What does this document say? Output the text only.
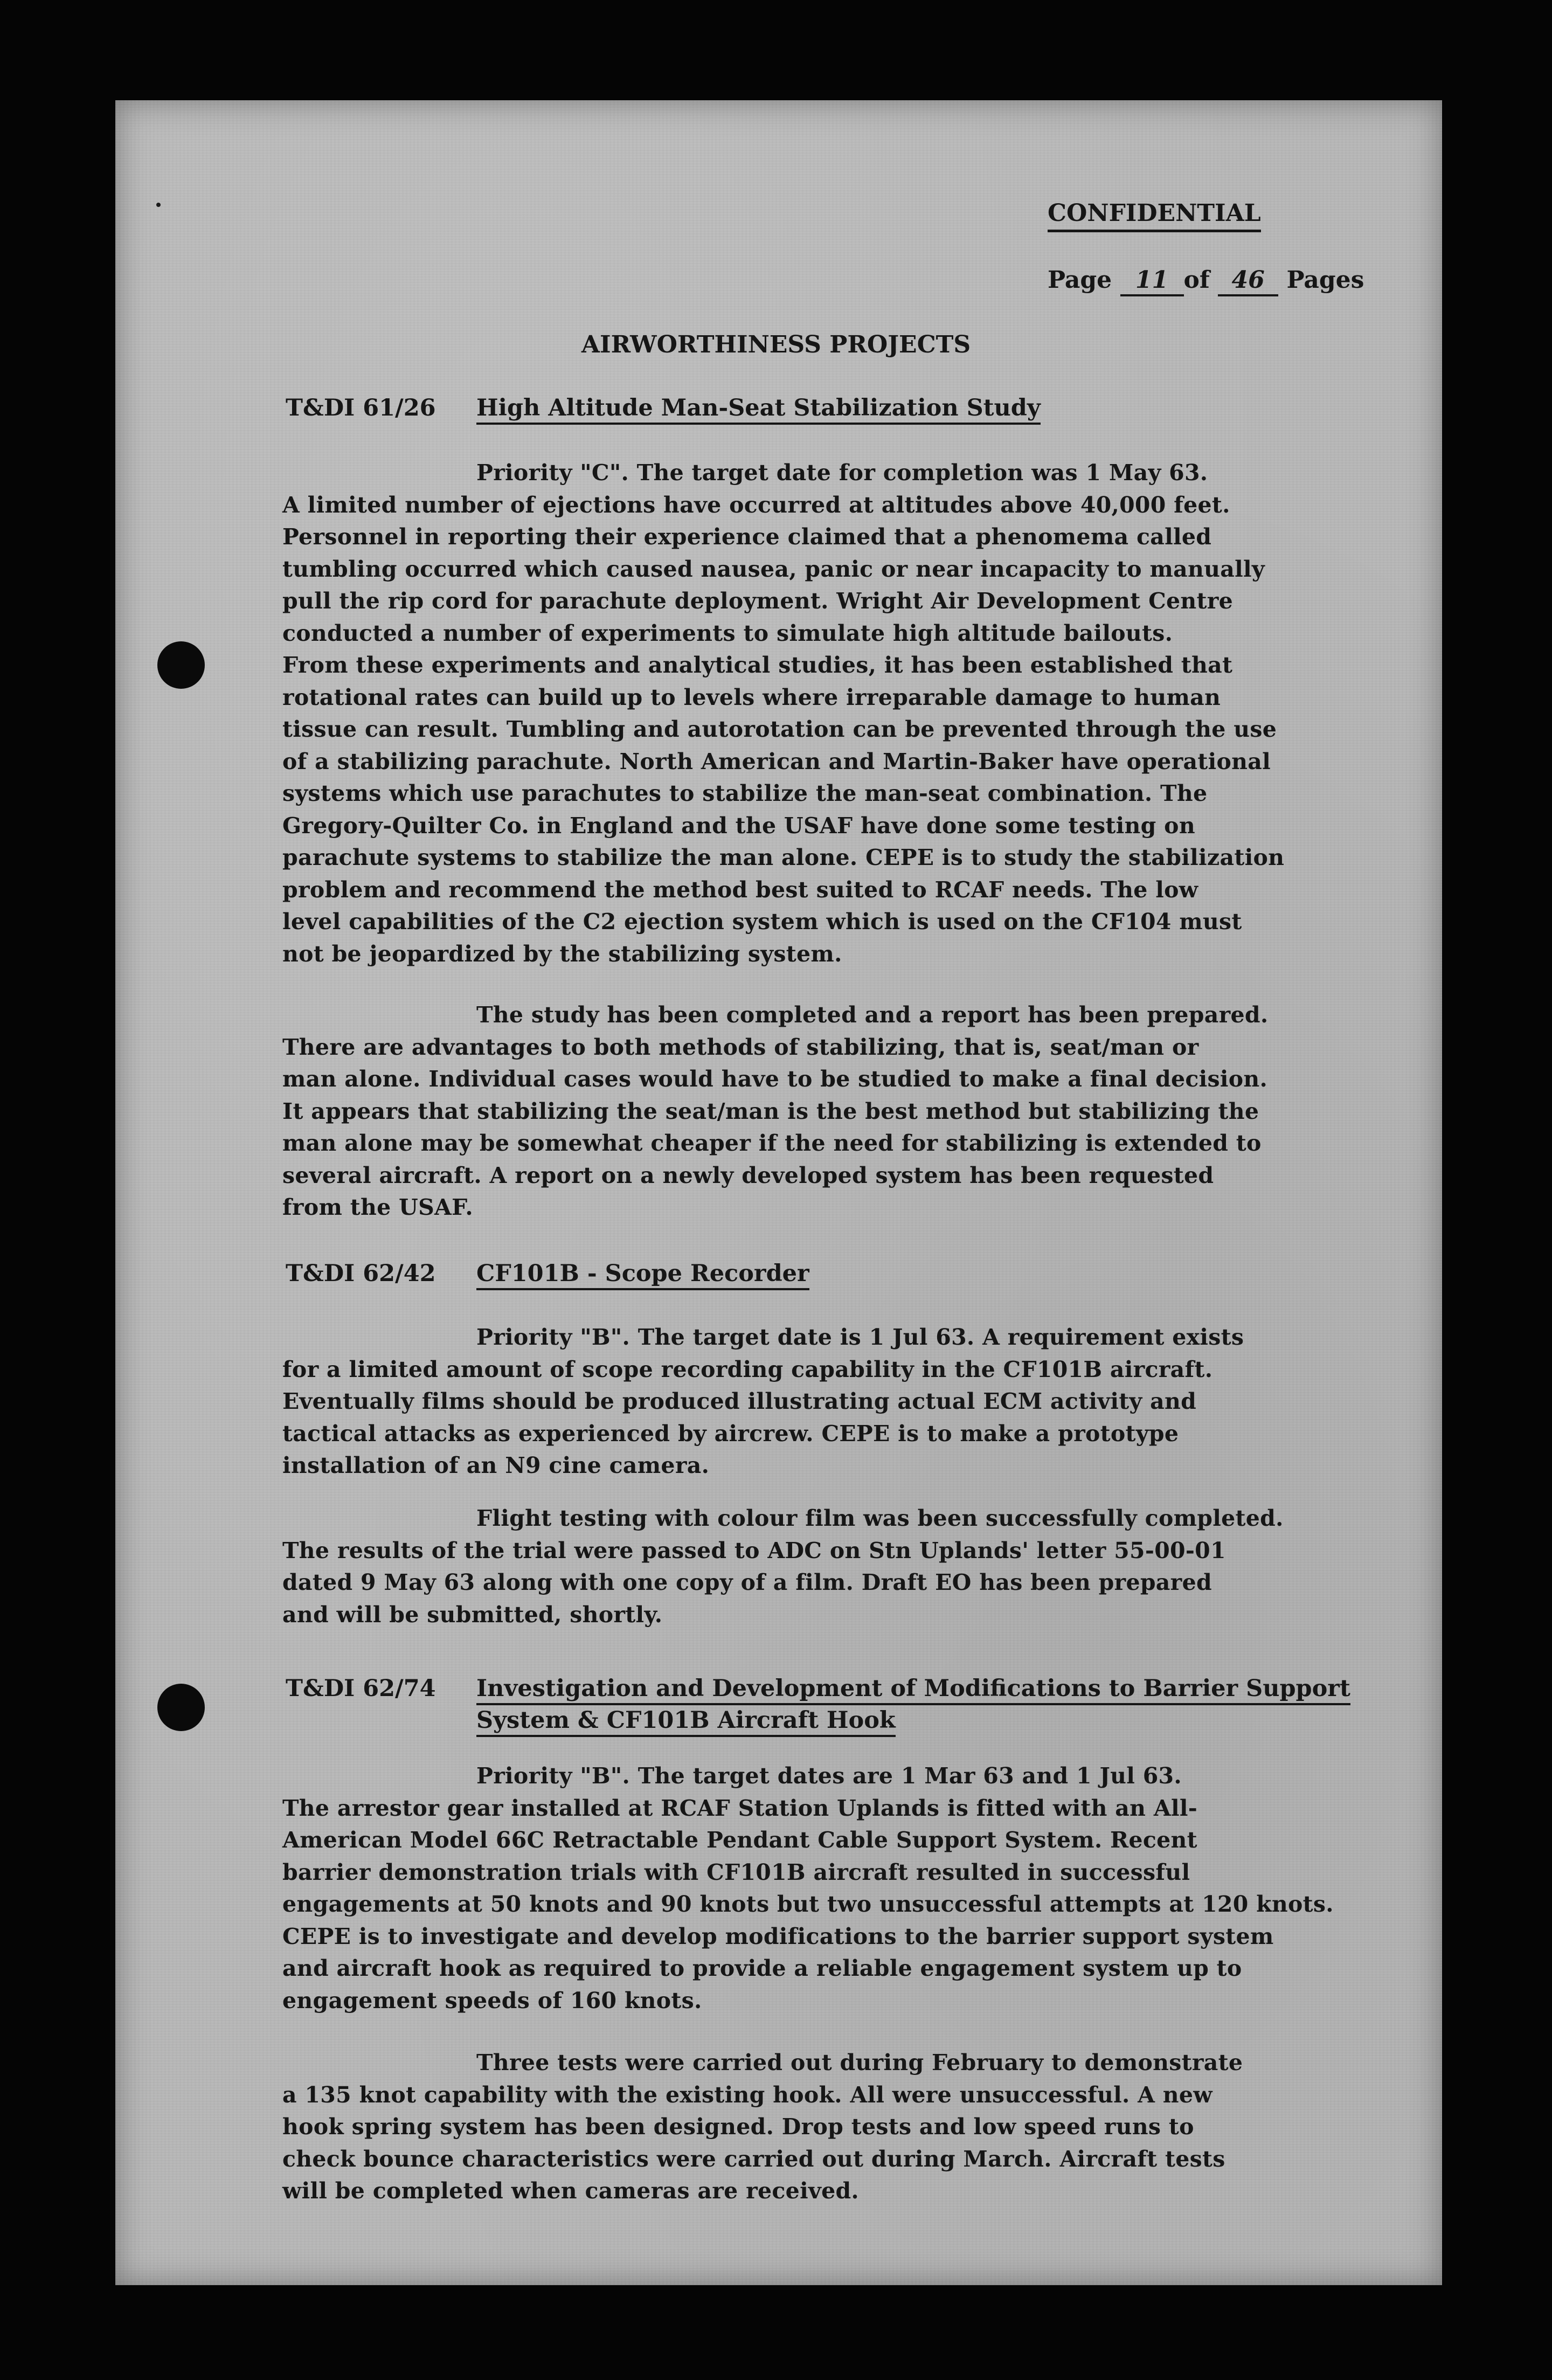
CONFIDENTIAL
Page 11 of 46 Pages
AIRWORTHINESS PROJECTS
T&DI 61/26 High Altitude Man-Seat Stabilization Study
Priority "C". The target date for completion was 1 May 63.
A limited number of ejections have occurred at altitudes above 40,000 feet.
Personnel in reporting their experience claimed that a phenomema called
tumbling occurred which caused nausea, panic or near incapacity to manually
pull the rip cord for parachute deployment. Wright Air Development Centre
conducted a number of experiments to simulate high altitude bailouts.
From these experiments and analytical studies, it has been established that
rotational rates can build up to levels where irreparable damage to human
tissue can result. Tumbling and autorotation can be prevented through the use
of a stabilizing parachute. North American and Martin-Baker have operational
systems which use parachutes to stabilize the man-seat combination. The
Gregory-Quilter Co. in England and the USAF have done some testing on
parachute systems to stabilize the man alone. CEPE is to study the stabilization
problem and recommend the method best suited to RCAF needs. The low
level capabilities of the C2 ejection system which is used on the CF104 must
not be jeopardized by the stabilizing system.
The study has been completed and a report has been prepared.
There are advantages to both methods of stabilizing, that is, seat/man or
man alone. Individual cases would have to be studied to make a final decision.
It appears that stabilizing the seat/man is the best method but stabilizing the
man alone may be somewhat cheaper if the need for stabilizing is extended to
several aircraft. A report on a newly developed system has been requested
from the USAF.
T&DI 62/42 CF101B - Scope Recorder
Priority "B". The target date is 1 Jul 63. A requirement exists
for a limited amount of scope recording capability in the CF101B aircraft.
Eventually films should be produced illustrating actual ECM activity and
tactical attacks as experienced by aircrew. CEPE is to make a prototype
installation of an N9 cine camera.
Flight testing with colour film was been successfully completed.
The results of the trial were passed to ADC on Stn Uplands' letter 55-00-01
dated 9 May 63 along with one copy of a film. Draft EO has been prepared
and will be submitted, shortly.
T&DI 62/74 Investigation and Development of Modifications to Barrier Support
System & CF101B Aircraft Hook
Priority "B". The target dates are 1 Mar 63 and 1 Jul 63.
The arrestor gear installed at RCAF Station Uplands is fitted with an All-
American Model 66C Retractable Pendant Cable Support System. Recent
barrier demonstration trials with CF101B aircraft resulted in successful
engagements at 50 knots and 90 knots but two unsuccessful attempts at 120 knots.
CEPE is to investigate and develop modifications to the barrier support system
and aircraft hook as required to provide a reliable engagement system up to
engagement speeds of 160 knots.
Three tests were carried out during February to demonstrate
a 135 knot capability with the existing hook. All were unsuccessful. A new
hook spring system has been designed. Drop tests and low speed runs to
check bounce characteristics were carried out during March. Aircraft tests
will be completed when cameras are received.
